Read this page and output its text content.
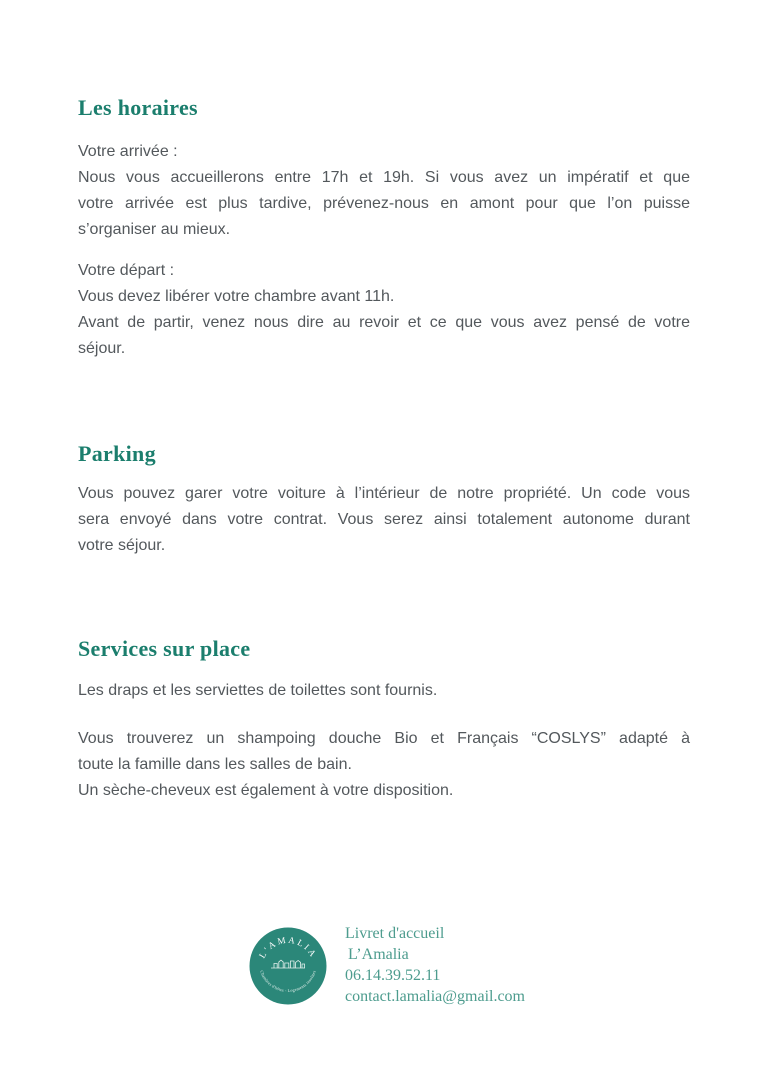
Les horaires
Votre arrivée :
Nous vous accueillerons entre 17h et 19h. Si vous avez un impératif et que
votre arrivée est plus tardive, prévenez-nous en amont pour que l’on puisse
s’organiser au mieux.
Votre départ :
Vous devez libérer votre chambre avant 11h.
Avant de partir, venez nous dire au revoir et ce que vous avez pensé de votre
séjour.
Parking
Vous pouvez garer votre voiture à l’intérieur de notre propriété. Un code vous
sera envoyé dans votre contrat. Vous serez ainsi totalement autonome durant
votre séjour.
Services sur place
Les draps et les serviettes de toilettes sont fournis.
Vous trouverez un shampoing douche Bio et Français “COSLYS” adapté à
toute la famille dans les salles de bain.
Un sèche-cheveux est également à votre disposition.
L'AMALIA
Chambres d'hôtes - Logements insolites
Livret d'accueil
L’Amalia
06.14.39.52.11
contact.lamalia@gmail.com
